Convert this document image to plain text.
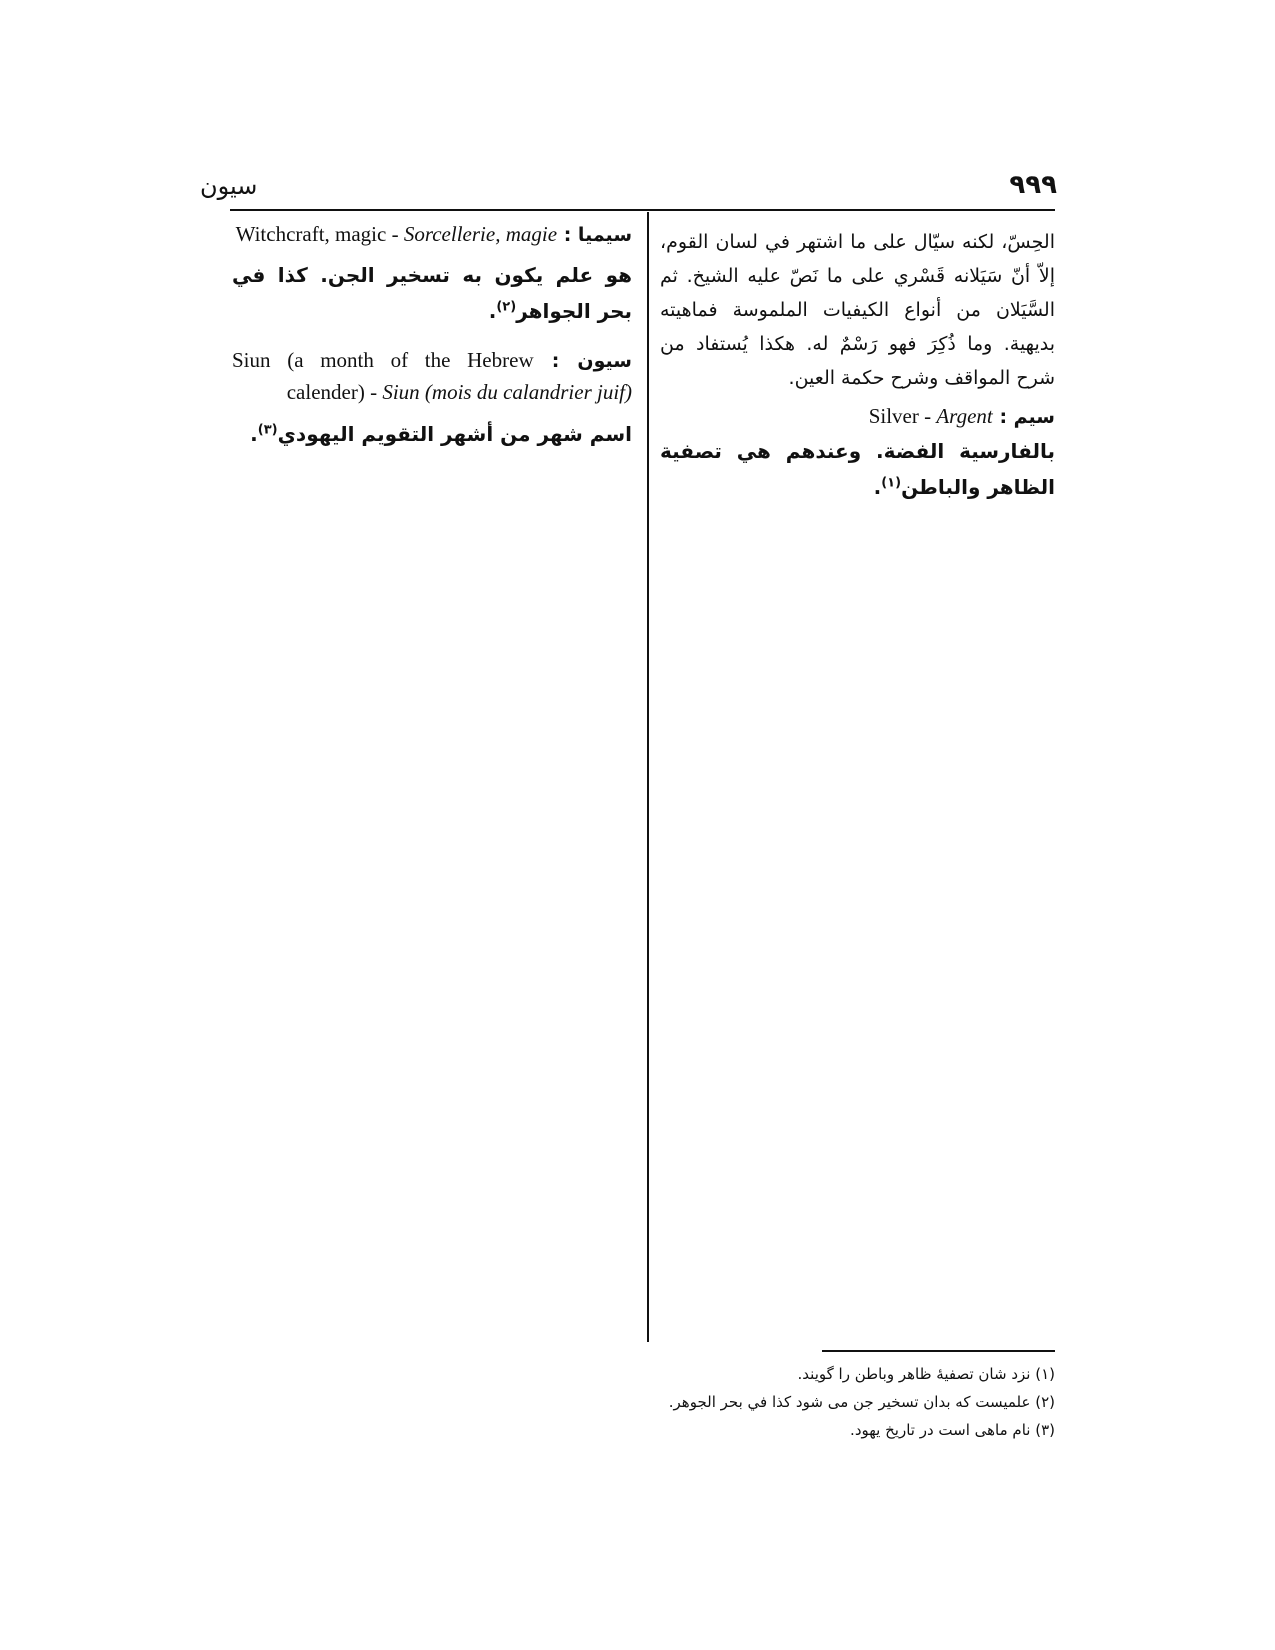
٩٩٩
سيون
الحِسّ، لكنه سيّال على ما اشتهر في لسان القوم، إلاّ أنّ سَيَلانه قَسْري على ما نَصّ عليه الشيخ. ثم السَّيَلان من أنواع الكيفيات الملموسة فماهيته بديهية. وما ذُكِرَ فهو رَسْمٌ له. هكذا يُستفاد من شرح المواقف وشرح حكمة العين.
سيم : Silver - Argent
بالفارسية الفضة. وعندهم هي تصفية الظاهر والباطن$^{(١)}$.
سيميا : Witchcraft, magic - Sorcellerie, magie
هو علم يكون به تسخير الجن. كذا في بحر الجواهر$^{(٢)}$.
سيون : Siun (a month of the Hebrew calender) - Siun (mois du calandrier juif)
اسم شهر من أشهر التقويم اليهودي$^{(٣)}$.
(١) نزد شان تصفيهٔ ظاهر وباطن را گويند.
(٢) علميست كه بدان تسخير جن مى شود كذا في بحر الجوهر.
(٣) نام ماهى است در تاريخ يهود.
